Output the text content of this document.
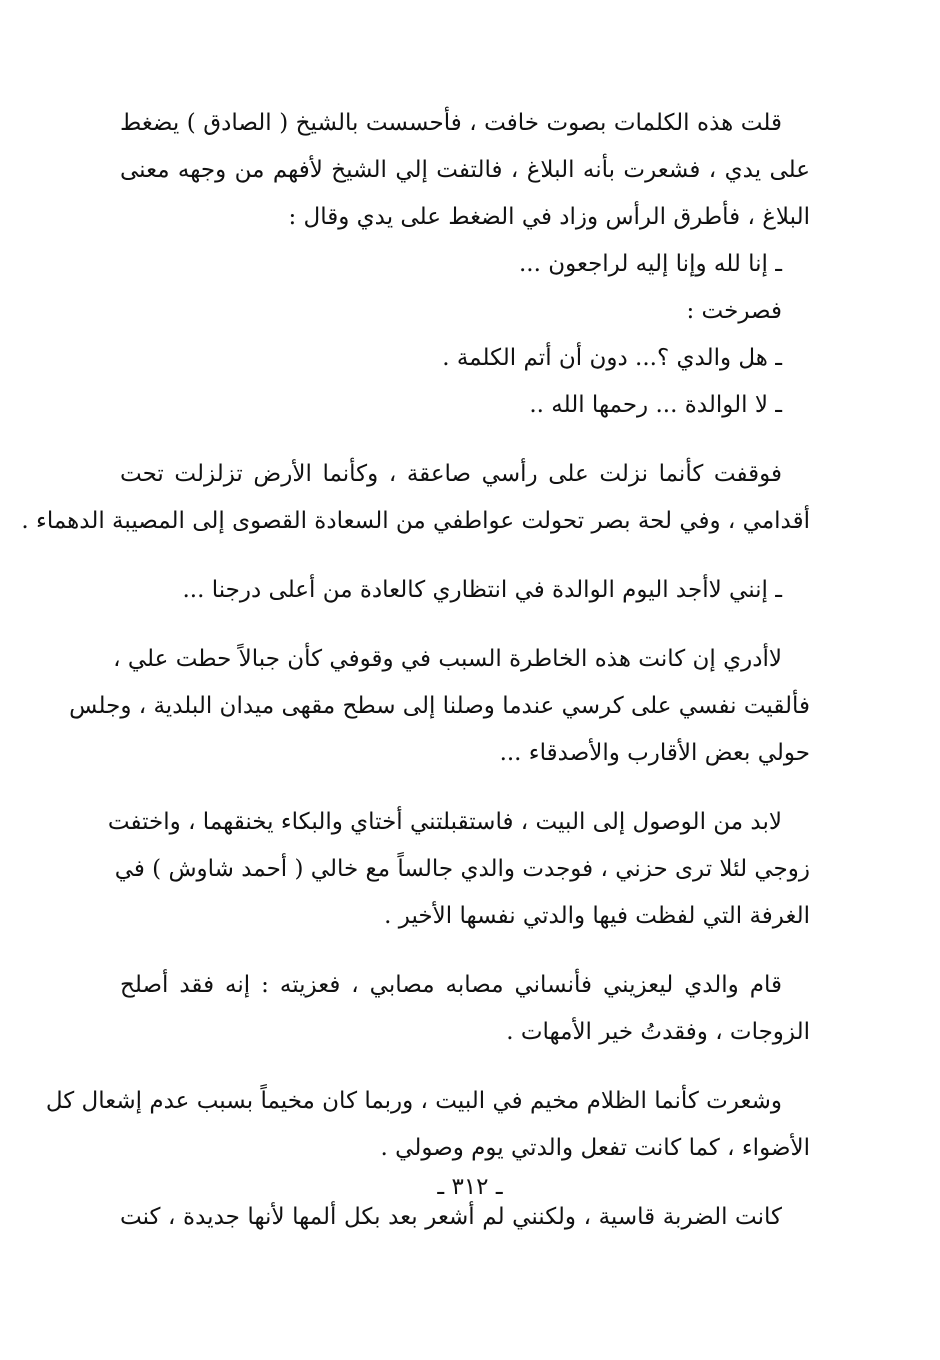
قلت هذه الكلمات بصوت خافت ، فأحسست بالشيخ ( الصادق ) يضغط
على يدي ، فشعرت بأنه البلاغ ، فالتفت إلي الشيخ لأفهم من وجهه معنى
البلاغ ، فأطرق الرأس وزاد في الضغط على يدي وقال :
ـ إنا لله وإنا إليه لراجعون ...
فصرخت :
ـ هل والدي ؟... دون أن أتم الكلمة .
ـ لا الوالدة ... رحمها الله ..
فوقفت كأنما نزلت على رأسي صاعقة ، وكأنما الأرض تزلزلت تحت
أقدامي ، وفي لحة بصر تحولت عواطفي من السعادة القصوى إلى المصيبة الدهماء .
ـ إنني لاأجد اليوم الوالدة في انتظاري كالعادة من أعلى درجنا ...
لاأدري إن كانت هذه الخاطرة السبب في وقوفي كأن جبالاً حطت علي ،
فألقيت نفسي على كرسي عندما وصلنا إلى سطح مقهى ميدان البلدية ، وجلس
حولي بعض الأقارب والأصدقاء ...
لابد من الوصول إلى البيت ، فاستقبلتني أختاي والبكاء يخنقهما ، واختفت
زوجي لئلا ترى حزني ، فوجدت والدي جالساً مع خالي ( أحمد شاوش ) في
الغرفة التي لفظت فيها والدتي نفسها الأخير .
قام والدي ليعزيني فأنساني مصابه مصابي ، فعزيته : إنه فقد أصلح
الزوجات ، وفقدتُ خير الأمهات .
وشعرت كأنما الظلام مخيم في البيت ، وربما كان مخيماً بسبب عدم إشعال كل
الأضواء ، كما كانت تفعل والدتي يوم وصولي .
كانت الضربة قاسية ، ولكنني لم أشعر بعد بكل ألمها لأنها جديدة ، كنت
ـ ٣١٢ ـ
